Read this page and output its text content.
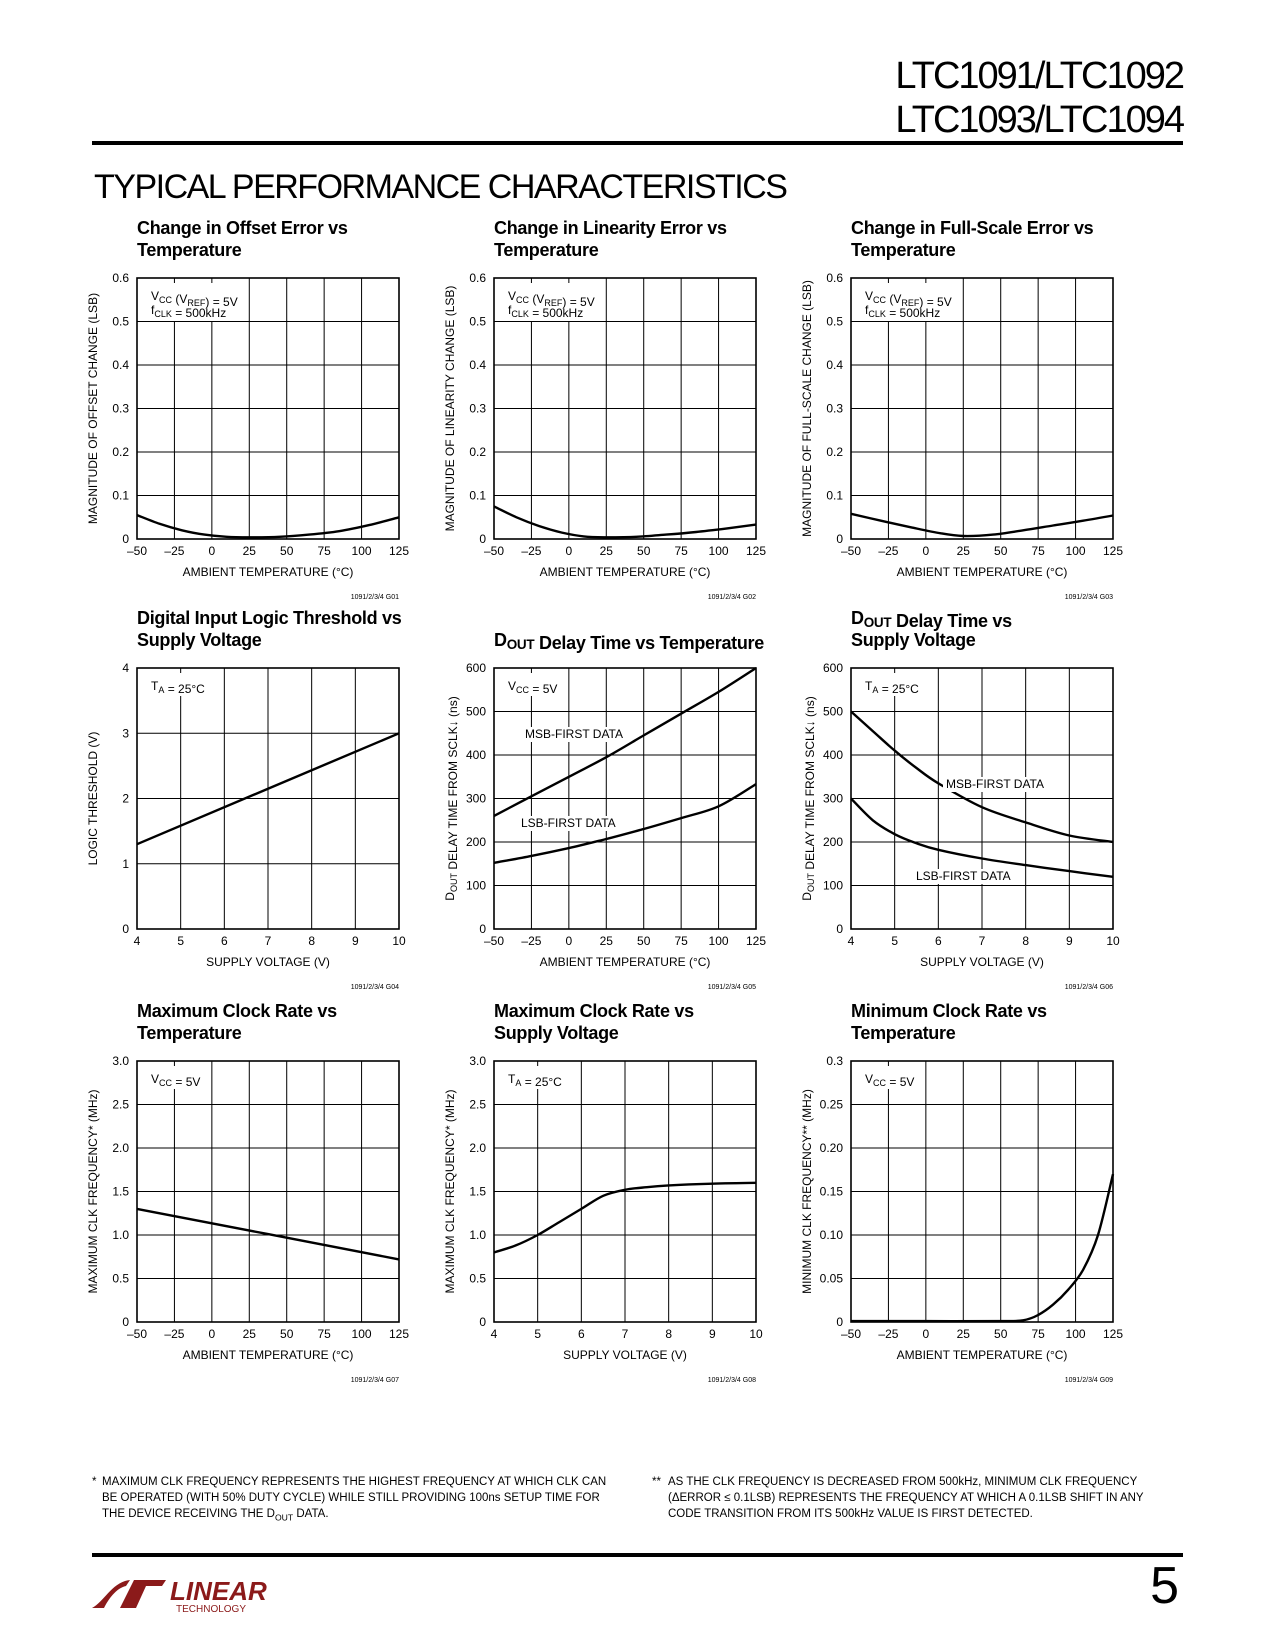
LTC1091/LTC1092
LTC1093/LTC1094
TYPICAL PERFORMANCE CHARACTERISTICS
Change in Offset Error vs
Temperature
$V_{CC}$ $(V_{REF}) = 5V$
$f_{CLK} = 500kHz$
–50 –25 0 25 50 75 100 125
0
0.1
0.2
0.3
0.4
0.5
0.6
AMBIENT TEMPERATURE (°C)
MAGNITUDE OF OFFSET CHANGE (LSB)
1091/2/3/4 G01
Change in Linearity Error vs
Temperature
$V_{CC}$ $(V_{REF}) = 5V$
$f_{CLK} = 500kHz$
–50 –25 0 25 50 75 100 125
0
0.1
0.2
0.3
0.4
0.5
0.6
AMBIENT TEMPERATURE (°C)
MAGNITUDE OF LINEARITY CHANGE (LSB)
1091/2/3/4 G02
Change in Full-Scale Error vs
Temperature
$V_{CC}$ $(V_{REF}) = 5V$
$f_{CLK} = 500kHz$
–50 –25 0 25 50 75 100 125
0
0.1
0.2
0.3
0.4
0.5
0.6
AMBIENT TEMPERATURE (°C)
MAGNITUDE OF FULL-SCALE CHANGE (LSB)
1091/2/3/4 G03
Digital Input Logic Threshold vs
Supply Voltage
$T_A = 25^\circ C$
4	5	6	7	8	9	10
0
1
2
3
4
SUPPLY VOLTAGE (V)
LOGIC THRESHOLD (V)
1091/2/3/4 G04
DOUT Delay Time vs Temperature
$V_{CC} = 5V$
–50 –25 0 25 50 75 100 125
0
100
200
300
400
500
600
AMBIENT TEMPERATURE (°C)
$D_{OUT}$ DELAY TIME FROM SCLK↓ (ns)	MSB-FIRST DATA
LSB-FIRST DATA
1091/2/3/4 G05
DOUT Delay Time vs
Supply Voltage
$T_A = 25^\circ C$
4	5	6	7	8	9	10
0
100
200
300
400
500
600
SUPPLY VOLTAGE (V)
$D_{OUT}$ DELAY TIME FROM SCLK↓ (ns)	MSB-FIRST DATA
LSB-FIRST DATA
1091/2/3/4 G06
Maximum Clock Rate vs
Temperature
$V_{CC} = 5V$
–50 –25 0 25 50 75 100 125
0
0.5
1.0
1.5
2.0
2.5
3.0
AMBIENT TEMPERATURE (°C)
MAXIMUM CLK FREQUENCY* (MHz)
1091/2/3/4 G07
Maximum Clock Rate vs
Supply Voltage
$T_A = 25^\circ C$
4	5	6	7	8	9	10
0
0.5
1.0
1.5
2.0
2.5
3.0
SUPPLY VOLTAGE (V)
MAXIMUM CLK FREQUENCY* (MHz)
1091/2/3/4 G08
Minimum Clock Rate vs
Temperature
$V_{CC} = 5V$
–50 –25 0 25 50 75 100 125
0
0.05
0.10
0.15
0.20
0.25
0.3
AMBIENT TEMPERATURE (°C)
MINIMUM CLK FREQUENCY** (MHz)
1091/2/3/4 G09
* MAXIMUM CLK FREQUENCY REPRESENTS THE HIGHEST FREQUENCY AT WHICH CLK CAN BE OPERATED (WITH 50% DUTY CYCLE) WHILE STILL PROVIDING 100ns SETUP TIME FOR THE DEVICE RECEIVING THE $D_{OUT}$ DATA.
** AS THE CLK FREQUENCY IS DECREASED FROM 500kHz, MINIMUM CLK FREQUENCY (ΔERROR ≤ 0.1LSB) REPRESENTS THE FREQUENCY AT WHICH A 0.1LSB SHIFT IN ANY CODE TRANSITION FROM ITS 500kHz VALUE IS FIRST DETECTED.
LINEAR
TECHNOLOGY	5
